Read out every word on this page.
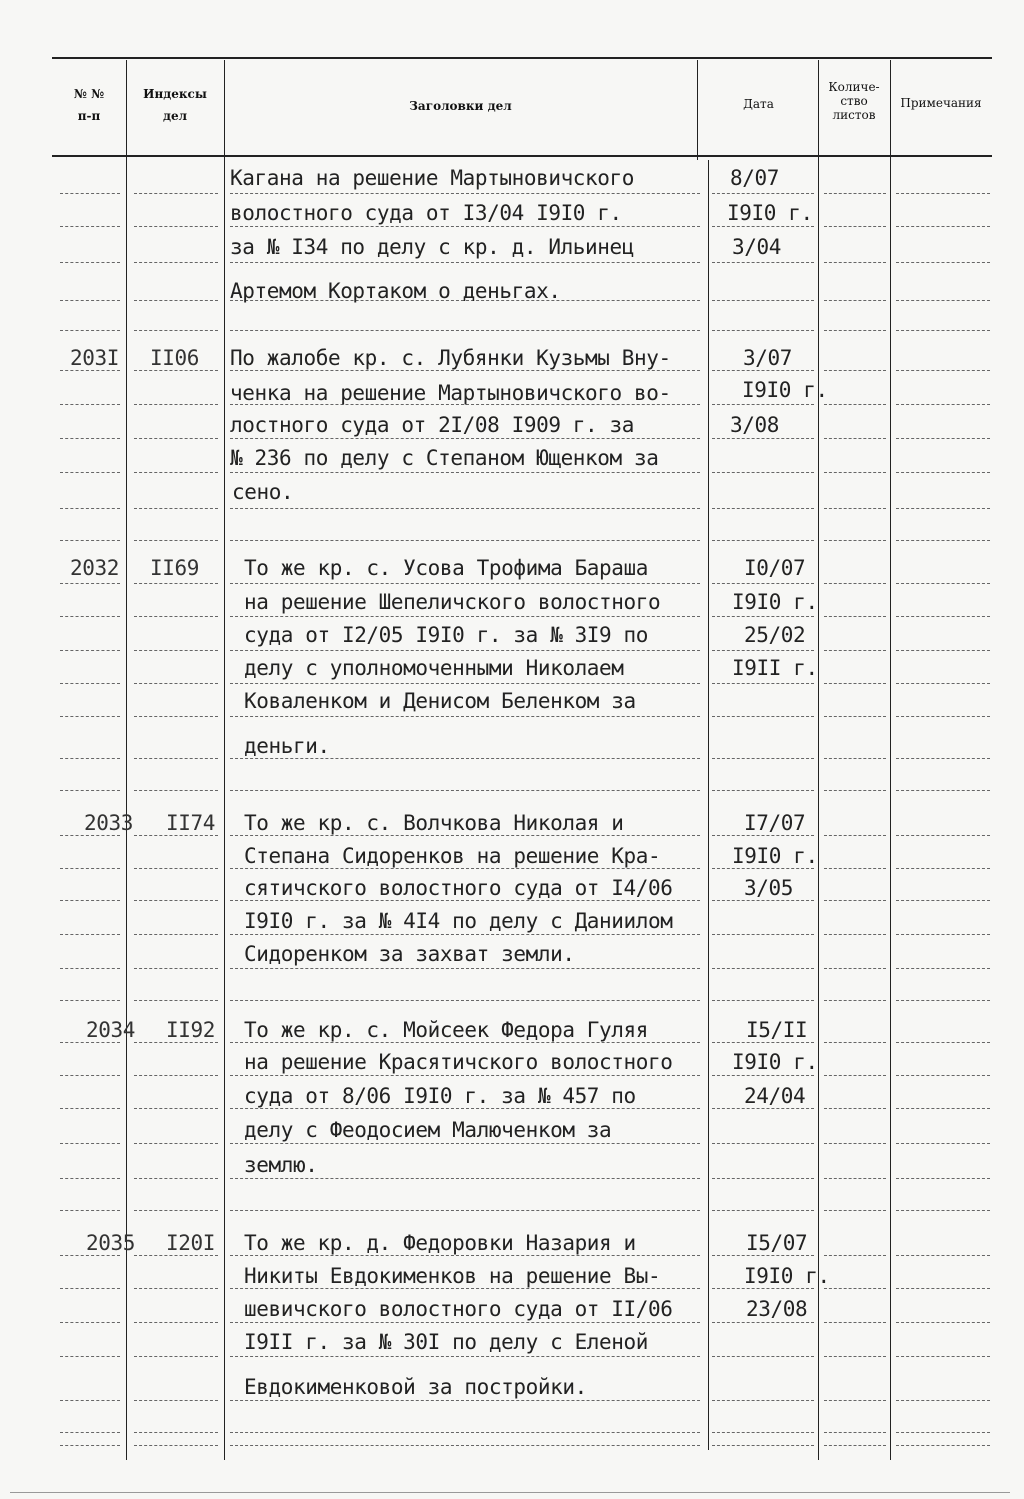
№ №
п-п
Индексы
дел
Заголовки дел	Дата
Количе-
ство
листов
Примечания
Кагана на решение Мартыновичского
волостного суда от I3/04 I9I0 г.
за № I34 по делу с кр. д. Ильинец
Артемом Кортаком о деньгах.
8/07
I9I0 г.
3/04
203I II06 По жалобе кр. с. Лубянки Кузьмы Вну-
ченка на решение Мартыновичского во-
лостного суда от 2I/08 I909 г. за
№ 236 по делу с Степаном Ющенком за
сено.
3/07
I9I0 г.
3/08
2032 II69 То же кр. с. Усова Трофима Бараша
на решение Шепеличского волостного
суда от I2/05 I9I0 г. за № 3I9 по
делу с уполномоченными Николаем
Коваленком и Денисом Беленком за
деньги.
I0/07
I9I0 г.
25/02
I9II г.
2033 II74 То же кр. с. Волчкова Николая и
Степана Сидоренков на решение Кра-
сятичского волостного суда от I4/06
I9I0 г. за № 4I4 по делу с Даниилом
Сидоренком за захват земли.
I7/07
I9I0 г.
3/05
2034 II92 То же кр. с. Мойсеек Федора Гуляя
на решение Красятичского волостного
суда от 8/06 I9I0 г. за № 457 по
делу с Феодосием Малюченком за
землю.
I5/II
I9I0 г.
24/04
2035 I20I То же кр. д. Федоровки Назария и
Никиты Евдокименков на решение Вы-
шевичского волостного суда от II/06
I9II г. за № 30I по делу с Еленой
Евдокименковой за постройки.
I5/07
I9I0 г.
23/08
